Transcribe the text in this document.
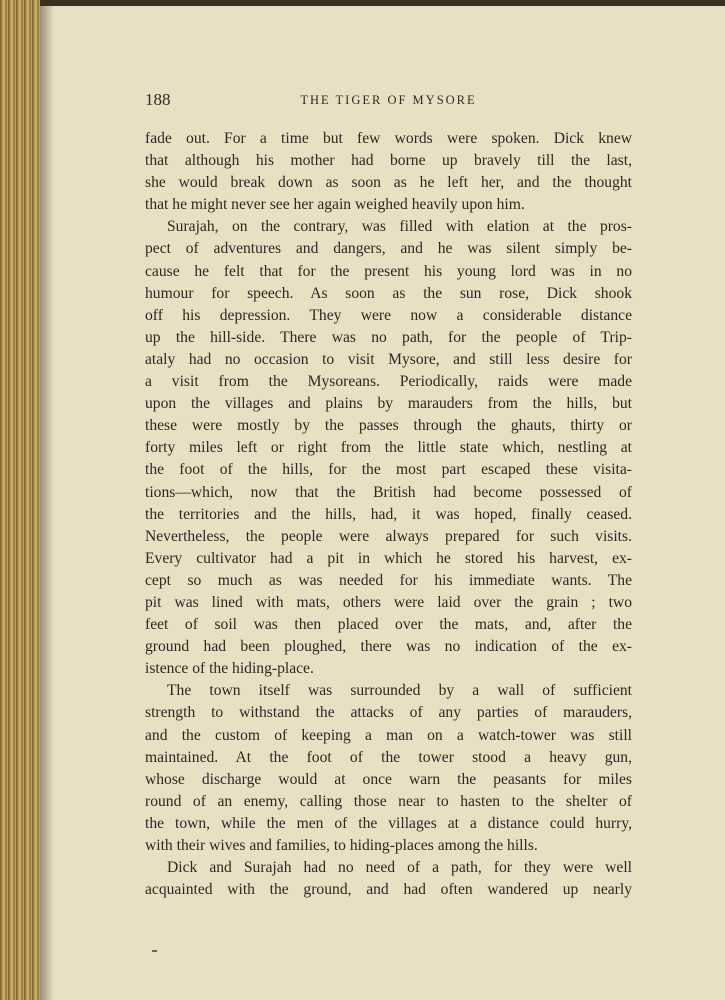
188	THE TIGER OF MYSORE
fade out. For a time but few words were spoken. Dick knew
that although his mother had borne up bravely till the last,
she would break down as soon as he left her, and the thought
that he might never see her again weighed heavily upon him.
Surajah, on the contrary, was filled with elation at the pros-
pect of adventures and dangers, and he was silent simply be-
cause he felt that for the present his young lord was in no
humour for speech. As soon as the sun rose, Dick shook
off his depression. They were now a considerable distance
up the hill-side. There was no path, for the people of Trip-
ataly had no occasion to visit Mysore, and still less desire for
a visit from the Mysoreans. Periodically, raids were made
upon the villages and plains by marauders from the hills, but
these were mostly by the passes through the ghauts, thirty or
forty miles left or right from the little state which, nestling at
the foot of the hills, for the most part escaped these visita-
tions—which, now that the British had become possessed of
the territories and the hills, had, it was hoped, finally ceased.
Nevertheless, the people were always prepared for such visits.
Every cultivator had a pit in which he stored his harvest, ex-
cept so much as was needed for his immediate wants. The
pit was lined with mats, others were laid over the grain ; two
feet of soil was then placed over the mats, and, after the
ground had been ploughed, there was no indication of the ex-
istence of the hiding-place.
The town itself was surrounded by a wall of sufficient
strength to withstand the attacks of any parties of marauders,
and the custom of keeping a man on a watch-tower was still
maintained. At the foot of the tower stood a heavy gun,
whose discharge would at once warn the peasants for miles
round of an enemy, calling those near to hasten to the shelter of
the town, while the men of the villages at a distance could hurry,
with their wives and families, to hiding-places among the hills.
Dick and Surajah had no need of a path, for they were well
acquainted with the ground, and had often wandered up nearly
